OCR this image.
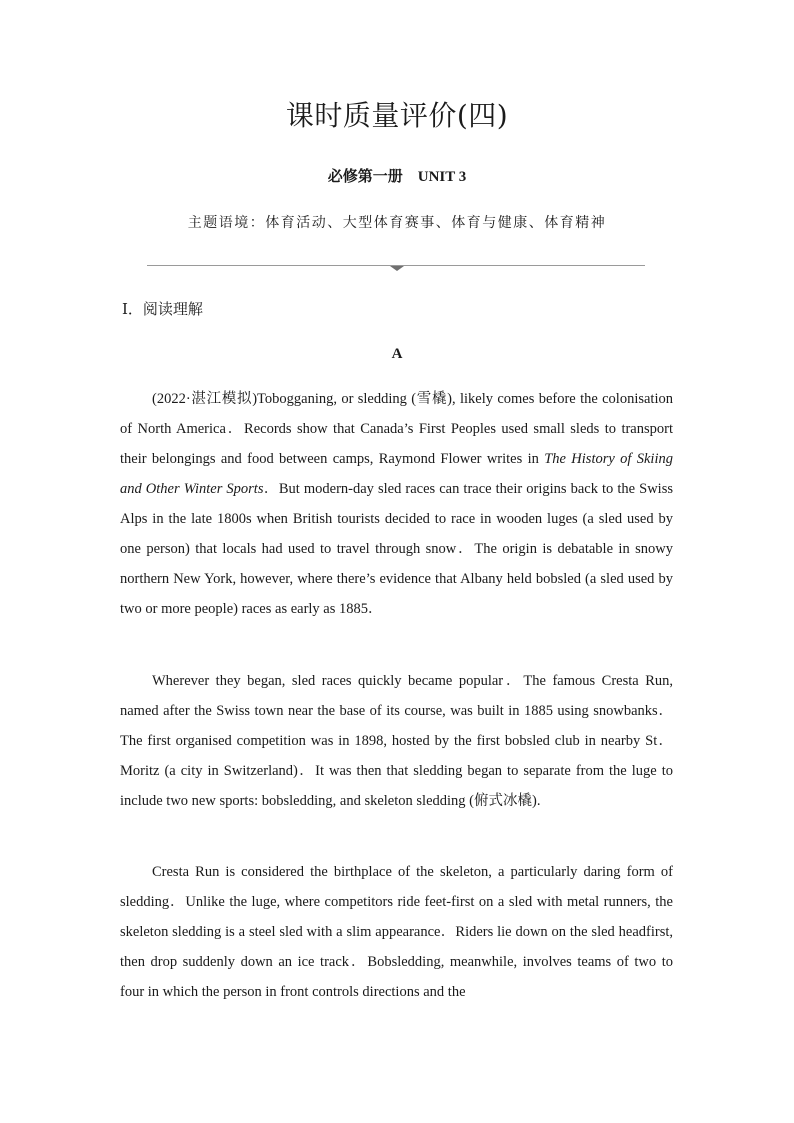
课时质量评价(四)
必修第一册　UNIT 3
主题语境：体育活动、大型体育赛事、体育与健康、体育精神
Ⅰ．阅读理解
A

(2022·湛江模拟)Tobogganing, or sledding (雪橇), likely comes before the colonisation of North America．Records show that Canada’s First Peoples used small sleds to transport their belongings and food between camps, Raymond Flower writes in The History of Skiing and Other Winter Sports．But modern-day sled races can trace their origins back to the Swiss Alps in the late 1800s when British tourists decided to race in wooden luges (a sled used by one person) that locals had used to travel through snow．The origin is debatable in snowy northern New York, however, where there’s evidence that Albany held bobsled (a sled used by two or more people) races as early as 1885．

Wherever they began, sled races quickly became popular．The famous Cresta Run, named after the Swiss town near the base of its course, was built in 1885 using snowbanks．The first organised competition was in 1898, hosted by the first bobsled club in nearby St．Moritz (a city in Switzerland)．It was then that sledding began to separate from the luge to include two new sports: bobsledding, and skeleton sledding (俯式冰橇).

Cresta Run is considered the birthplace of the skeleton, a particularly daring form of sledding．Unlike the luge, where competitors ride feet-first on a sled with metal runners, the skeleton sledding is a steel sled with a slim appearance．Riders lie down on the sled headfirst, then drop suddenly down an ice track．Bobsledding, meanwhile, involves teams of two to four in which the person in front controls directions and the
